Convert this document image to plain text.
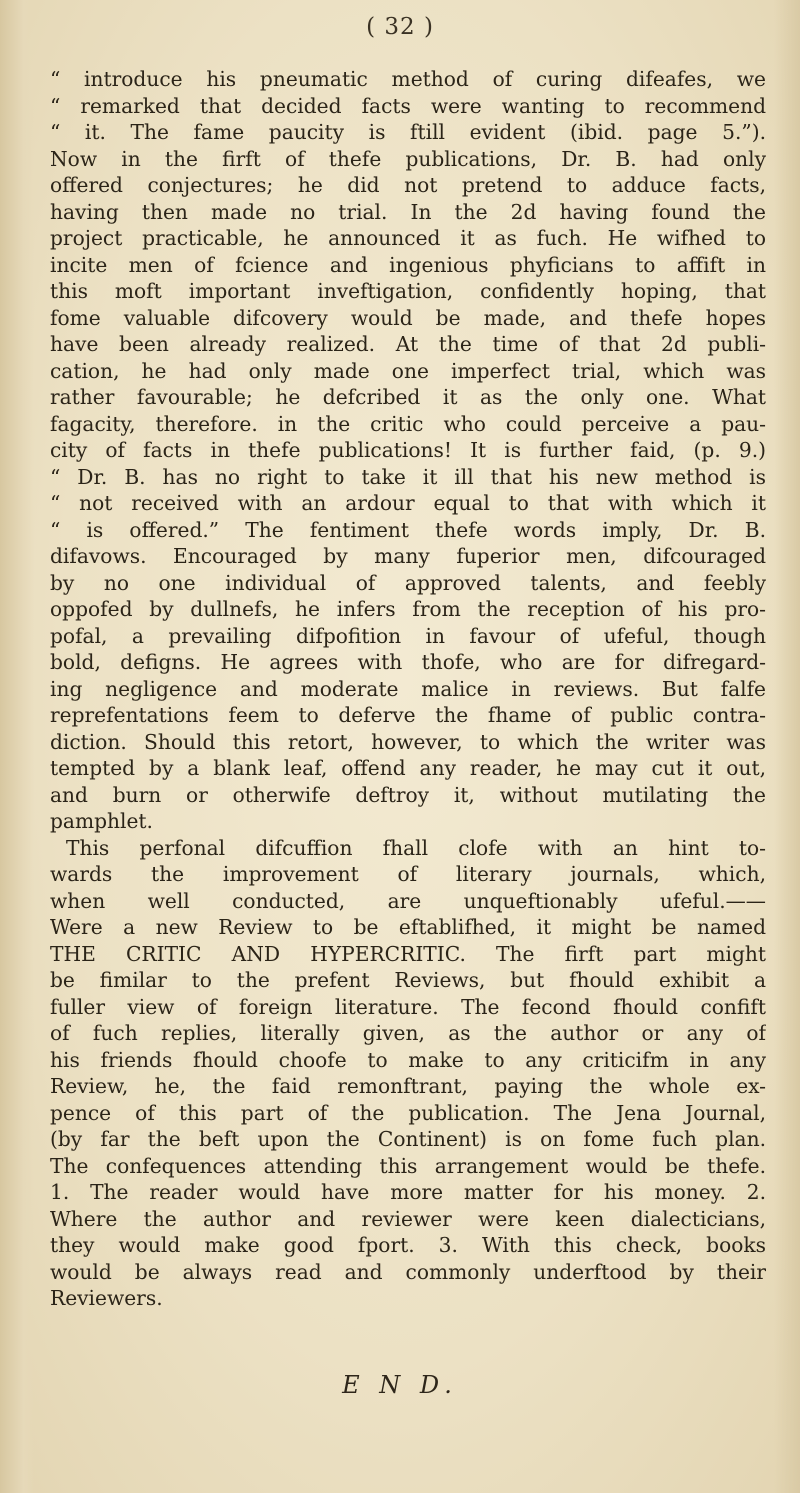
( 32 )
“ introduce his pneumatic method of curing difeafes, we
“ remarked that decided facts were wanting to recommend
“ it. The fame paucity is ftill evident (ibid. page 5.”).
Now in the firft of thefe publications, Dr. B. had only
offered conjectures; he did not pretend to adduce facts,
having then made no trial. In the 2d having found the
project practicable, he announced it as fuch. He wifhed to
incite men of fcience and ingenious phyficians to affift in
this moft important inveftigation, confidently hoping, that
fome valuable difcovery would be made, and thefe hopes
have been already realized. At the time of that 2d publi-
cation, he had only made one imperfect trial, which was
rather favourable; he defcribed it as the only one. What
fagacity, therefore. in the critic who could perceive a pau-
city of facts in thefe publications! It is further faid, (p. 9.)
“ Dr. B. has no right to take it ill that his new method is
“ not received with an ardour equal to that with which it
“ is offered.” The fentiment thefe words imply, Dr. B.
difavows. Encouraged by many fuperior men, difcouraged
by no one individual of approved talents, and feebly
oppofed by dullnefs, he infers from the reception of his pro-
pofal, a prevailing difpofition in favour of ufeful, though
bold, defigns. He agrees with thofe, who are for difregard-
ing negligence and moderate malice in reviews. But falfe
reprefentations feem to deferve the fhame of public contra-
diction. Should this retort, however, to which the writer was
tempted by a blank leaf, offend any reader, he may cut it out,
and burn or otherwife deftroy it, without mutilating the
pamphlet.
This perfonal difcuffion fhall clofe with an hint to-
wards the improvement of literary journals, which,
when well conducted, are unqueftionably ufeful.——
Were a new Review to be eftablifhed, it might be named
THE CRITIC AND HYPERCRITIC. The firft part might
be fimilar to the prefent Reviews, but fhould exhibit a
fuller view of foreign literature. The fecond fhould confift
of fuch replies, literally given, as the author or any of
his friends fhould choofe to make to any criticifm in any
Review, he, the faid remonftrant, paying the whole ex-
pence of this part of the publication. The Jena Journal,
(by far the beft upon the Continent) is on fome fuch plan.
The confequences attending this arrangement would be thefe.
1. The reader would have more matter for his money. 2.
Where the author and reviewer were keen dialecticians,
they would make good fport. 3. With this check, books
would be always read and commonly underftood by their
Reviewers.
E N D.
